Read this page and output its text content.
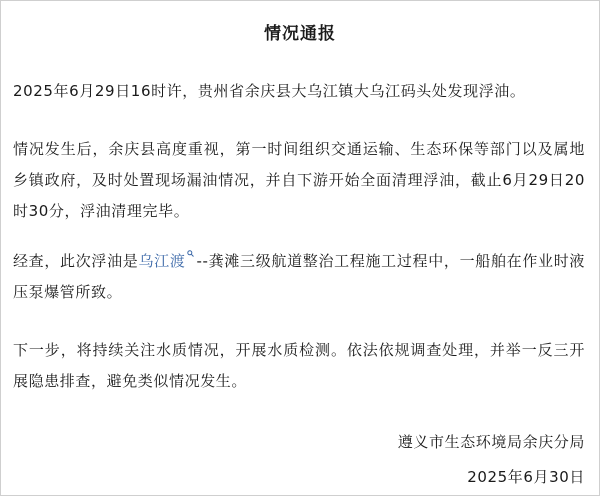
情况通报

2025年6月29日16时许，贵州省余庆县大乌江镇大乌江码头处发现浮油。

情况发生后，余庆县高度重视，第一时间组织交通运输、生态环保等部门以及属地乡镇政府，及时处置现场漏油情况，并自下游开始全面清理浮油，截止6月29日20时30分，浮油清理完毕。

经查，此次浮油是乌江渡 --龚滩三级航道整治工程施工过程中，一船舶在作业时液压泵爆管所致。

下一步，将持续关注水质情况，开展水质检测。依法依规调查处理，并举一反三开展隐患排查，避免类似情况发生。

遵义市生态环境局余庆分局
2025年6月30日
